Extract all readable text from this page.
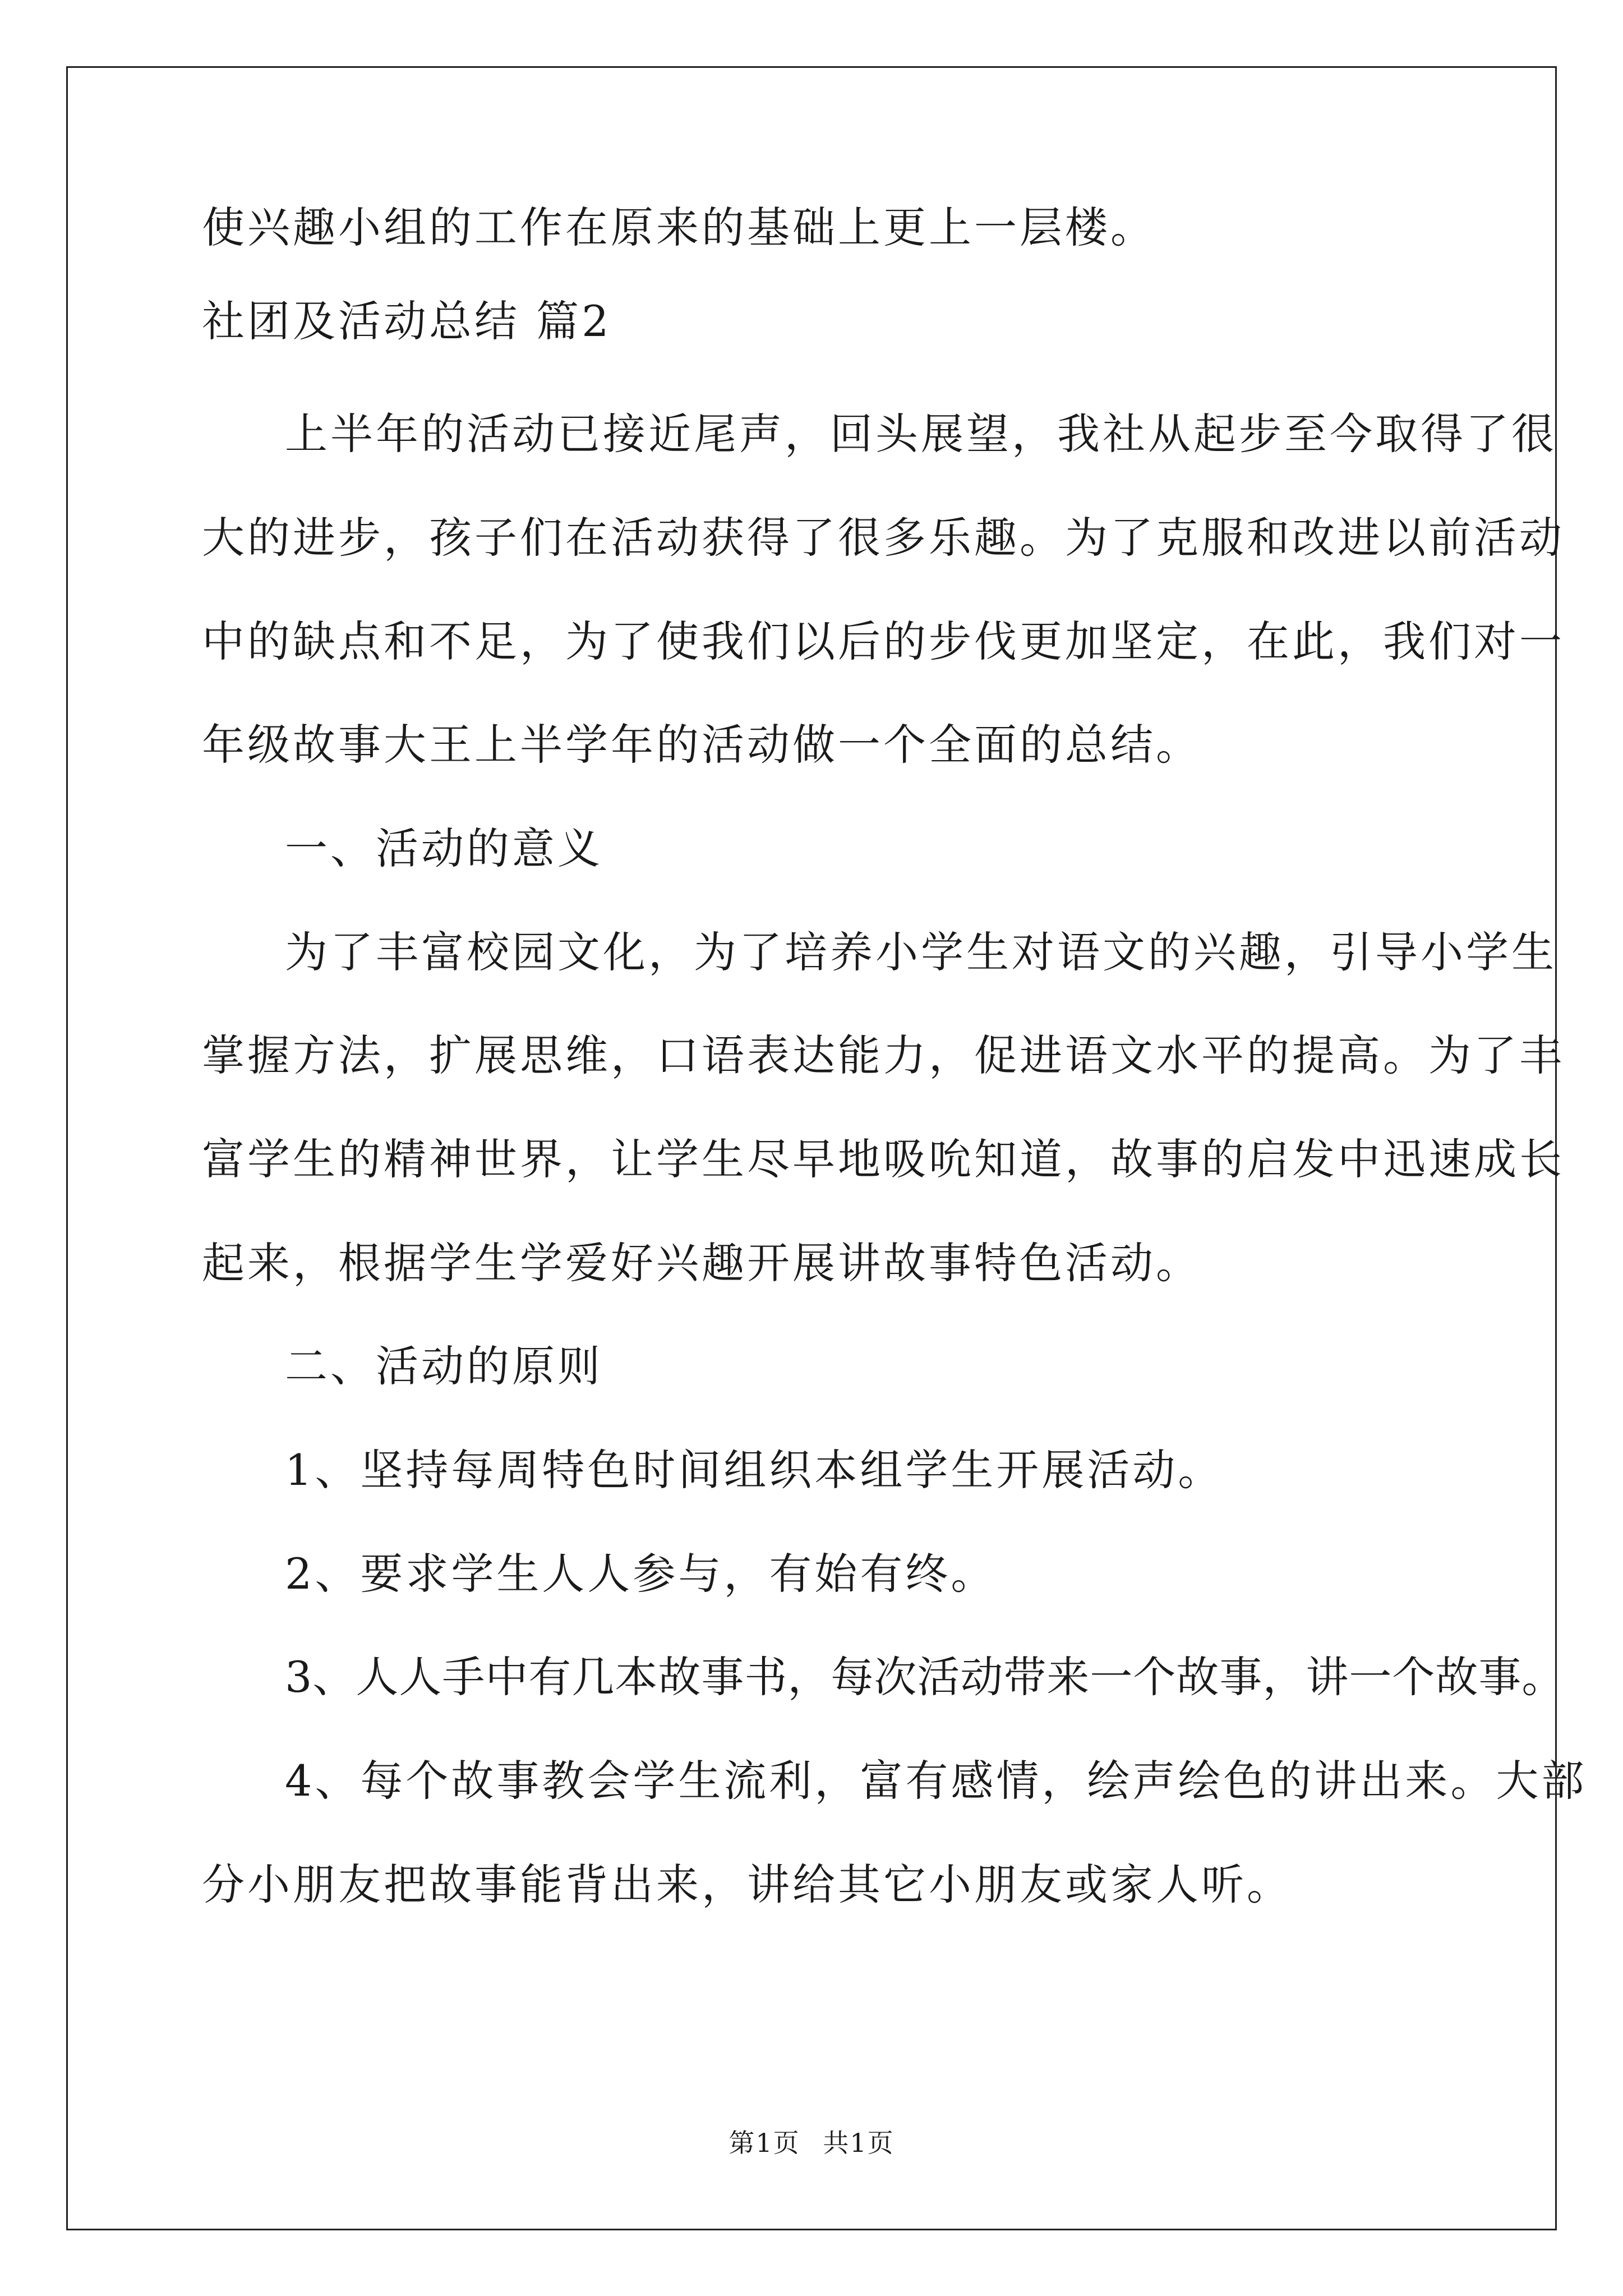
使兴趣小组的工作在原来的基础上更上一层楼。

社团及活动总结 篇2

上半年的活动已接近尾声，回头展望，我社从起步至今取得了很

大的进步，孩子们在活动获得了很多乐趣。为了克服和改进以前活动

中的缺点和不足，为了使我们以后的步伐更加坚定，在此，我们对一

年级故事大王上半学年的活动做一个全面的总结。

一、活动的意义

为了丰富校园文化，为了培养小学生对语文的兴趣，引导小学生

掌握方法，扩展思维，口语表达能力，促进语文水平的提高。为了丰

富学生的精神世界，让学生尽早地吸吮知道，故事的启发中迅速成长

起来，根据学生学爱好兴趣开展讲故事特色活动。

二、活动的原则

1、坚持每周特色时间组织本组学生开展活动。

2、要求学生人人参与，有始有终。

3、人人手中有几本故事书，每次活动带来一个故事，讲一个故事。

4、每个故事教会学生流利，富有感情，绘声绘色的讲出来。大部

分小朋友把故事能背出来，讲给其它小朋友或家人听。

第1页 共1页
